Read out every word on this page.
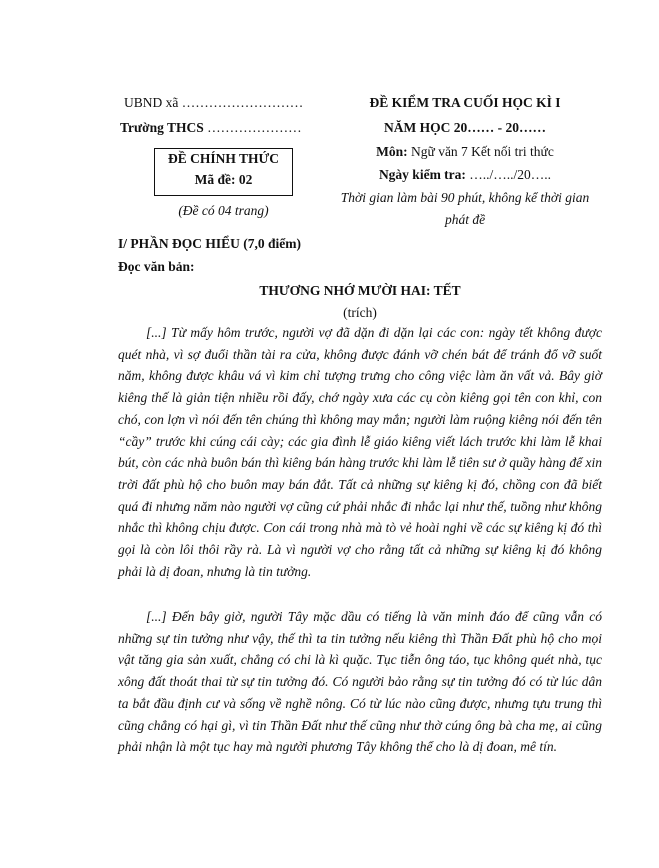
UBND xã ………………………
Trường THCS …………………
ĐỀ CHÍNH THỨC
Mã đề: 02
(Đề có 04 trang)
ĐỀ KIỂM TRA CUỐI HỌC KÌ I
NĂM HỌC 20…… - 20……
Môn: Ngữ văn 7 Kết nối tri thức
Ngày kiểm tra: …../…../20…..
Thời gian làm bài 90 phút, không kể thời gian
phát đề
I/ PHẦN ĐỌC HIỂU (7,0 điểm)
Đọc văn bản:
THƯƠNG NHỚ MƯỜI HAI: TẾT
(trích)
[...] Từ mấy hôm trước, người vợ đã dặn đi dặn lại các con: ngày tết không được quét nhà, vì sợ đuổi thần tài ra cửa, không được đánh vỡ chén bát để tránh đổ vỡ suốt năm, không được khâu vá vì kim chỉ tượng trưng cho công việc làm ăn vất vả. Bây giờ kiêng thế là giản tiện nhiều rồi đấy, chớ ngày xưa các cụ còn kiêng gọi tên con khỉ, con chó, con lợn vì nói đến tên chúng thì không may mắn; người làm ruộng kiêng nói đến tên “cầy” trước khi cúng cái cày; các gia đình lễ giáo kiêng viết lách trước khi làm lễ khai bút, còn các nhà buôn bán thì kiêng bán hàng trước khi làm lễ tiên sư ở quầy hàng để xin trời đất phù hộ cho buôn may bán đắt. Tất cả những sự kiêng kị đó, chồng con đã biết quá đi nhưng năm nào người vợ cũng cứ phải nhắc đi nhắc lại như thế, tuồng như không nhắc thì không chịu được. Con cái trong nhà mà tò vẻ hoài nghi về các sự kiêng kị đó thì gọi là còn lôi thôi rầy rà. Là vì người vợ cho rằng tất cả những sự kiêng kị đó không phải là dị đoan, nhưng là tin tưởng.
[...] Đến bây giờ, người Tây mặc dầu có tiếng là văn minh đáo để cũng vẫn có những sự tin tưởng như vậy, thế thì ta tin tưởng nếu kiêng thì Thần Đất phù hộ cho mọi vật tăng gia sản xuất, chẳng có chi là kì quặc. Tục tiễn ông táo, tục không quét nhà, tục xông đất thoát thai từ sự tin tưởng đó. Có người bảo rằng sự tin tưởng đó có từ lúc dân ta bắt đầu định cư và sống về nghề nông. Có từ lúc nào cũng được, nhưng tựu trung thì cũng chẳng có hại gì, vì tin Thần Đất như thế cũng như thờ cúng ông bà cha mẹ, ai cũng phải nhận là một tục hay mà người phương Tây không thể cho là dị đoan, mê tín.
